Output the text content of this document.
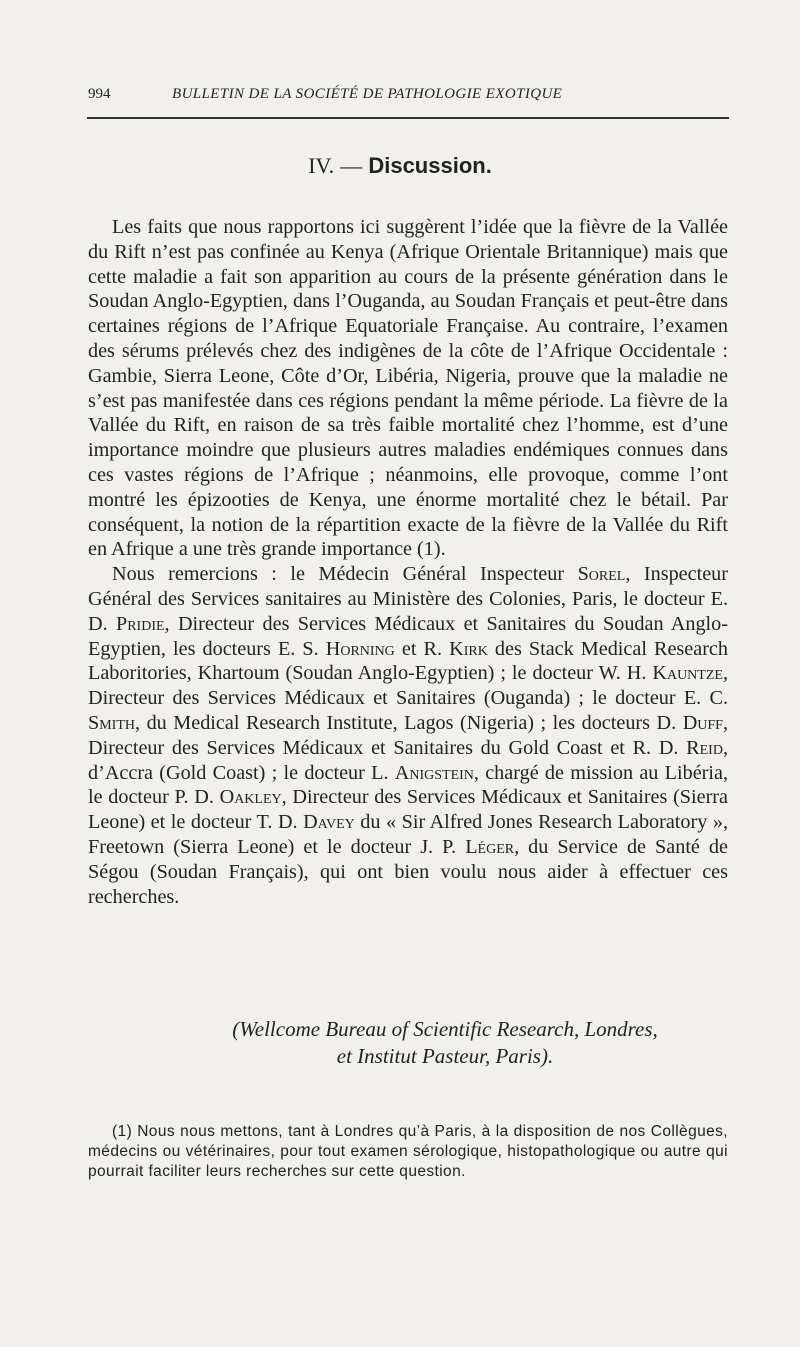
994	BULLETIN DE LA SOCIÉTÉ DE PATHOLOGIE EXOTIQUE
IV. — Discussion.

Les faits que nous rapportons ici suggèrent l’idée que la fièvre de la Vallée du Rift n’est pas confinée au Kenya (Afrique Orientale Britannique) mais que cette maladie a fait son apparition au cours de la présente génération dans le Soudan Anglo-Egyptien, dans l’Ouganda, au Soudan Français et peut-être dans certaines régions de l’Afrique Equatoriale Française. Au contraire, l’examen des sérums prélevés chez des indigènes de la côte de l’Afrique Occidentale : Gambie, Sierra Leone, Côte d’Or, Libéria, Nigeria, prouve que la maladie ne s’est pas manifestée dans ces régions pendant la même période. La fièvre de la Vallée du Rift, en raison de sa très faible mortalité chez l’homme, est d’une importance moindre que plusieurs autres maladies endémiques connues dans ces vastes régions de l’Afrique ; néanmoins, elle provoque, comme l’ont montré les épizooties de Kenya, une énorme mortalité chez le bétail. Par conséquent, la notion de la répartition exacte de la fièvre de la Vallée du Rift en Afrique a une très grande importance (1).

Nous remercions : le Médecin Général Inspecteur Sorel, Inspecteur Général des Services sanitaires au Ministère des Colonies, Paris, le docteur E. D. Pridie, Directeur des Services Médicaux et Sanitaires du Soudan Anglo-Egyptien, les docteurs E. S. Horning et R. Kirk des Stack Medical Research Laboritories, Khartoum (Soudan Anglo-Egyptien) ; le docteur W. H. Kauntze, Directeur des Services Médicaux et Sanitaires (Ouganda) ; le docteur E. C. Smith, du Medical Research Institute, Lagos (Nigeria) ; les docteurs D. Duff, Directeur des Services Médicaux et Sanitaires du Gold Coast et R. D. Reid, d’Accra (Gold Coast) ; le docteur L. Anigstein, chargé de mission au Libéria, le docteur P. D. Oakley, Directeur des Services Médicaux et Sanitaires (Sierra Leone) et le docteur T. D. Davey du « Sir Alfred Jones Research Laboratory », Freetown (Sierra Leone) et le docteur J. P. Léger, du Service de Santé de Ségou (Soudan Français), qui ont bien voulu nous aider à effectuer ces recherches.

(Wellcome Bureau of Scientific Research, Londres,
et Institut Pasteur, Paris).

(1) Nous nous mettons, tant à Londres qu’à Paris, à la disposition de nos Collègues, médecins ou vétérinaires, pour tout examen sérologique, histopathologique ou autre qui pourrait faciliter leurs recherches sur cette question.
